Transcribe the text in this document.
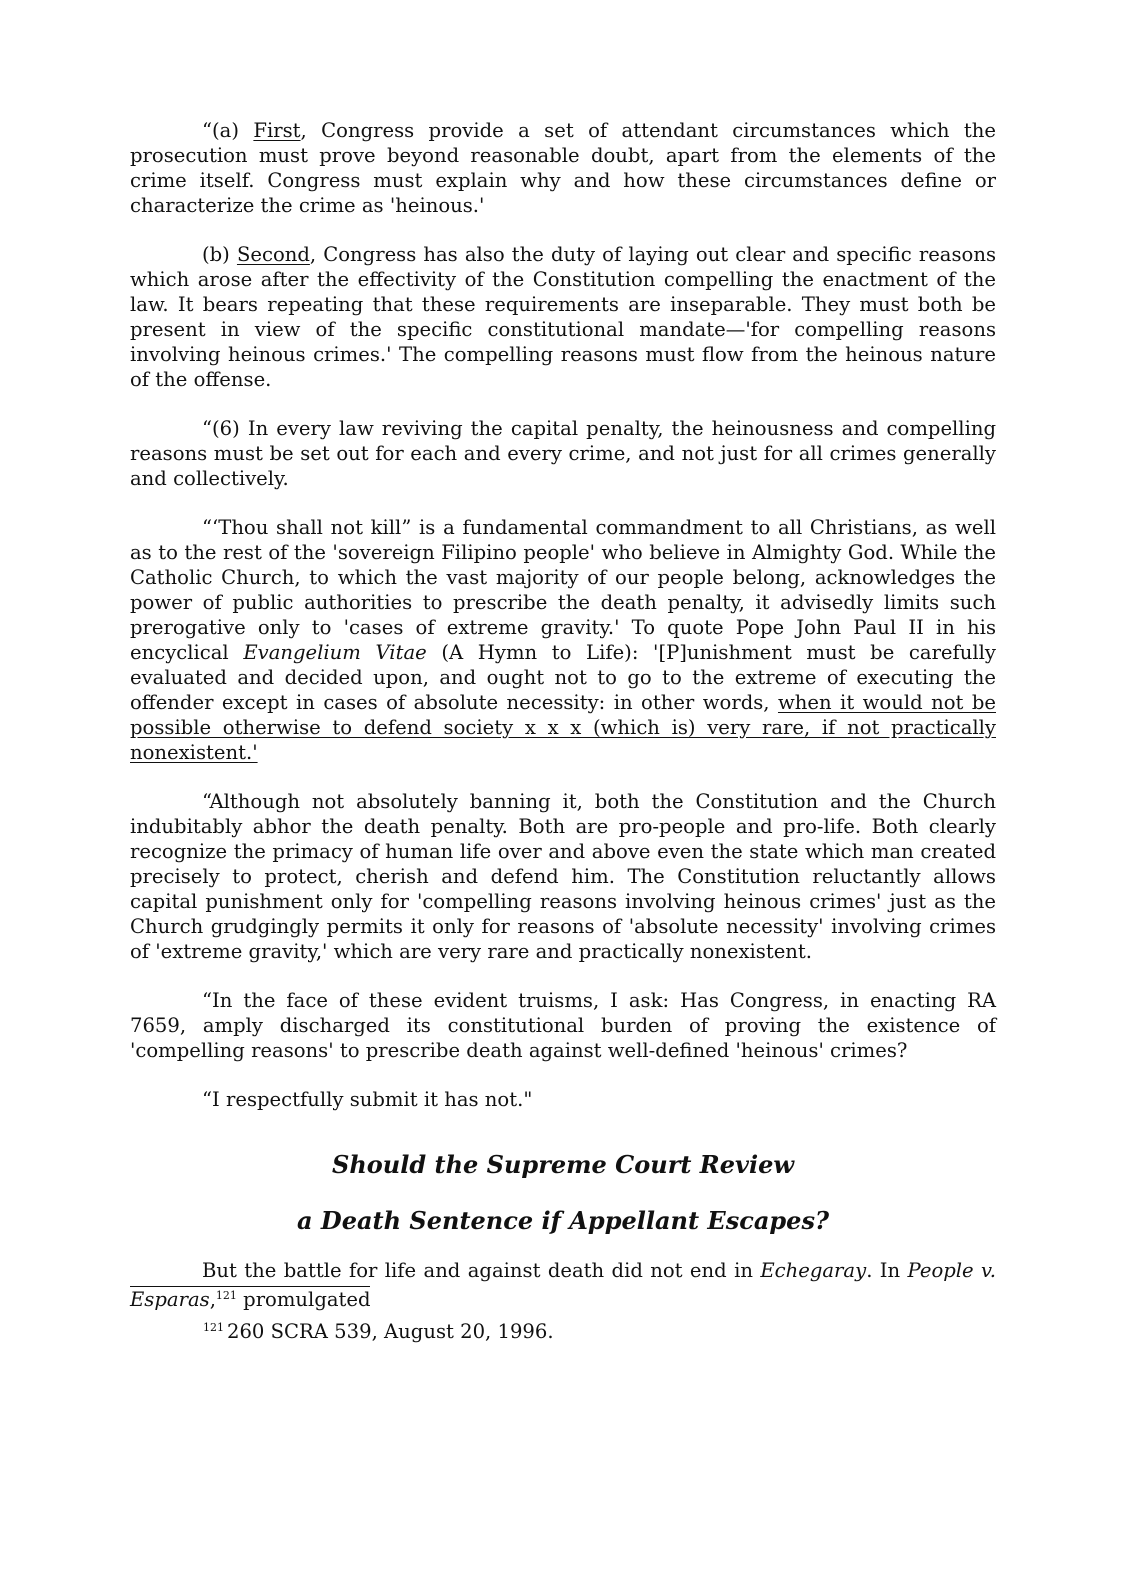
“(a) First, Congress provide a set of attendant circumstances which the prosecution must prove beyond reasonable doubt, apart from the elements of the crime itself. Congress must explain why and how these circumstances define or characterize the crime as 'heinous.'

(b) Second, Congress has also the duty of laying out clear and specific reasons which arose after the effectivity of the Constitution compelling the enactment of the law. It bears repeating that these requirements are inseparable. They must both be present in view of the specific constitutional mandate—'for compelling reasons involving heinous crimes.' The compelling reasons must flow from the heinous nature of the offense.

“(6) In every law reviving the capital penalty, the heinousness and compelling reasons must be set out for each and every crime, and not just for all crimes generally and collectively.

“‘Thou shall not kill” is a fundamental commandment to all Christians, as well as to the rest of the 'sovereign Filipino people' who believe in Almighty God. While the Catholic Church, to which the vast majority of our people belong, acknowledges the power of public authorities to prescribe the death penalty, it advisedly limits such prerogative only to 'cases of extreme gravity.' To quote Pope John Paul II in his encyclical Evangelium Vitae (A Hymn to Life): '[P]unishment must be carefully evaluated and decided upon, and ought not to go to the extreme of executing the offender except in cases of absolute necessity: in other words, when it would not be possible otherwise to defend society x x x (which is) very rare, if not practically nonexistent.'

“Although not absolutely banning it, both the Constitution and the Church indubitably abhor the death penalty. Both are pro-people and pro-life. Both clearly recognize the primacy of human life over and above even the state which man created precisely to protect, cherish and defend him. The Constitution reluctantly allows capital punishment only for 'compelling reasons involving heinous crimes' just as the Church grudgingly permits it only for reasons of 'absolute necessity' involving crimes of 'extreme gravity,' which are very rare and practically nonexistent.

“In the face of these evident truisms, I ask: Has Congress, in enacting RA 7659, amply discharged its constitutional burden of proving the existence of 'compelling reasons' to prescribe death against well-defined 'heinous' crimes?

“I respectfully submit it has not."

Should the Supreme Court Review
a Death Sentence if Appellant Escapes?

But the battle for life and against death did not end in Echegaray. In People v. Esparas,$^{121}$ promulgated

$^{121}$ 260 SCRA 539, August 20, 1996.
